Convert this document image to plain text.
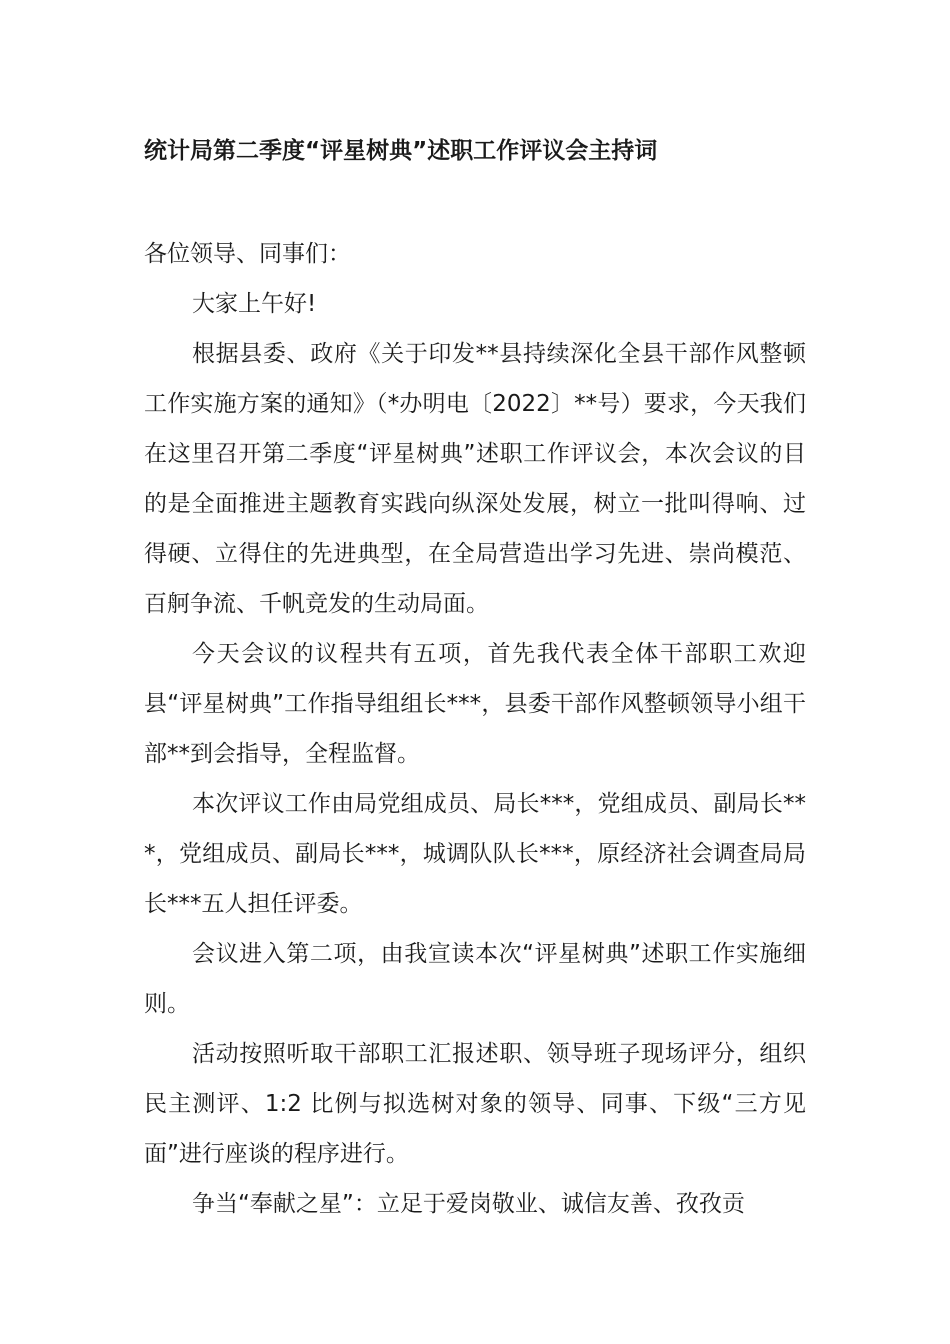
统计局第二季度“评星树典”述职工作评议会主持词

各位领导、同事们：

大家上午好!

根据县委、政府《关于印发**县持续深化全县干部作风整顿工作实施方案的通知》（*办明电〔2022〕**号）要求，今天我们在这里召开第二季度“评星树典”述职工作评议会，本次会议的目的是全面推进主题教育实践向纵深处发展，树立一批叫得响、过得硬、立得住的先进典型，在全局营造出学习先进、崇尚模范、百舸争流、千帆竞发的生动局面。

今天会议的议程共有五项，首先我代表全体干部职工欢迎县“评星树典”工作指导组组长***，县委干部作风整顿领导小组干部**到会指导，全程监督。

本次评议工作由局党组成员、局长***，党组成员、副局长***，党组成员、副局长***，城调队队长***，原经济社会调查局局长***五人担任评委。

会议进入第二项，由我宣读本次“评星树典”述职工作实施细则。

活动按照听取干部职工汇报述职、领导班子现场评分，组织民主测评、1:2 比例与拟选树对象的领导、同事、下级“三方见面”进行座谈的程序进行。

争当“奉献之星”：立足于爱岗敬业、诚信友善、孜孜贡
